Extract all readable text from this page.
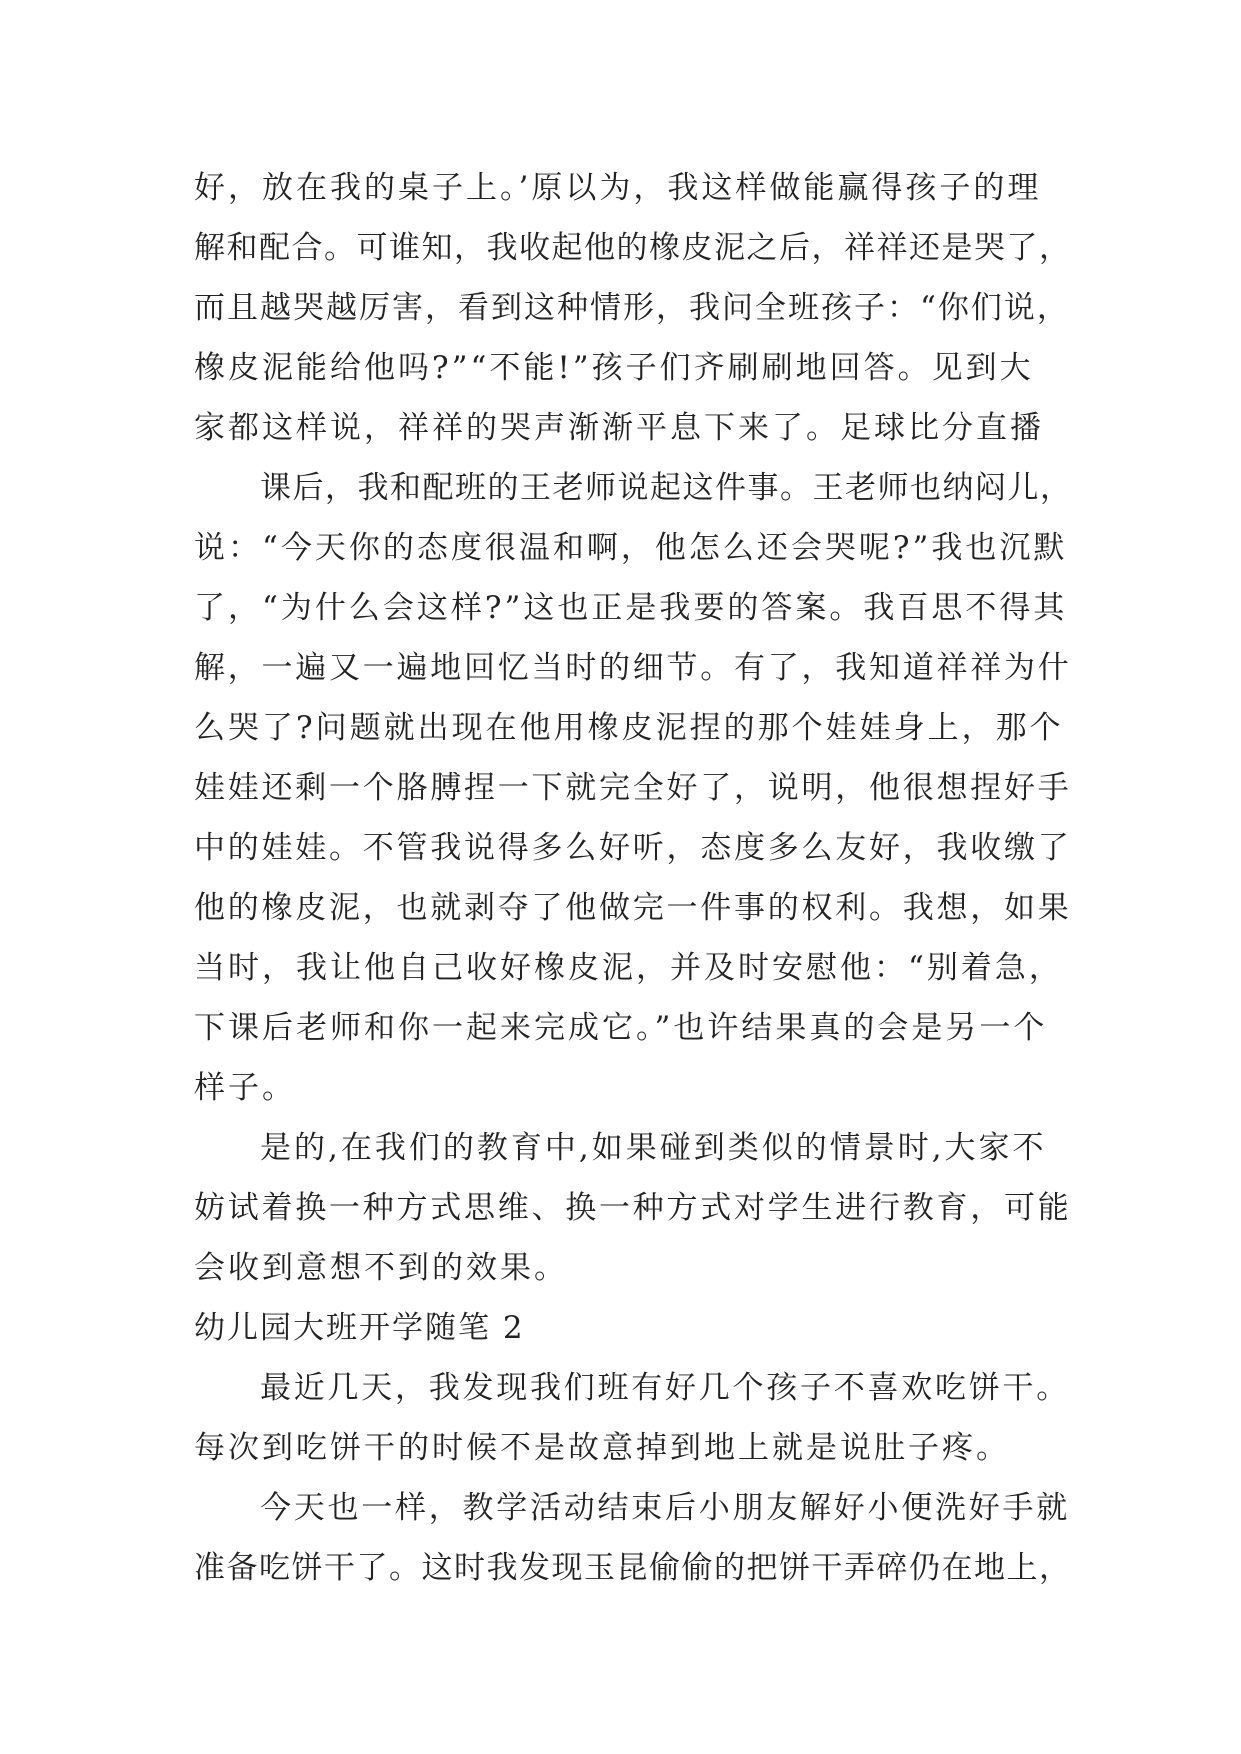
好，放在我的桌子上。’原以为，我这样做能赢得孩子的理
解和配合。可谁知，我收起他的橡皮泥之后，祥祥还是哭了，
而且越哭越厉害，看到这种情形，我问全班孩子：“你们说，
橡皮泥能给他吗?”“不能!”孩子们齐刷刷地回答。见到大
家都这样说，祥祥的哭声渐渐平息下来了。足球比分直播
课后，我和配班的王老师说起这件事。王老师也纳闷儿，
说：“今天你的态度很温和啊，他怎么还会哭呢?”我也沉默
了，“为什么会这样?”这也正是我要的答案。我百思不得其
解，一遍又一遍地回忆当时的细节。有了，我知道祥祥为什
么哭了?问题就出现在他用橡皮泥捏的那个娃娃身上，那个
娃娃还剩一个胳膊捏一下就完全好了，说明，他很想捏好手
中的娃娃。不管我说得多么好听，态度多么友好，我收缴了
他的橡皮泥，也就剥夺了他做完一件事的权利。我想，如果
当时，我让他自己收好橡皮泥，并及时安慰他：“别着急，
下课后老师和你一起来完成它。”也许结果真的会是另一个
样子。
是的,在我们的教育中,如果碰到类似的情景时,大家不
妨试着换一种方式思维、换一种方式对学生进行教育，可能
会收到意想不到的效果。
幼儿园大班开学随笔 2
最近几天，我发现我们班有好几个孩子不喜欢吃饼干。
每次到吃饼干的时候不是故意掉到地上就是说肚子疼。
今天也一样，教学活动结束后小朋友解好小便洗好手就
准备吃饼干了。这时我发现玉昆偷偷的把饼干弄碎仍在地上，
